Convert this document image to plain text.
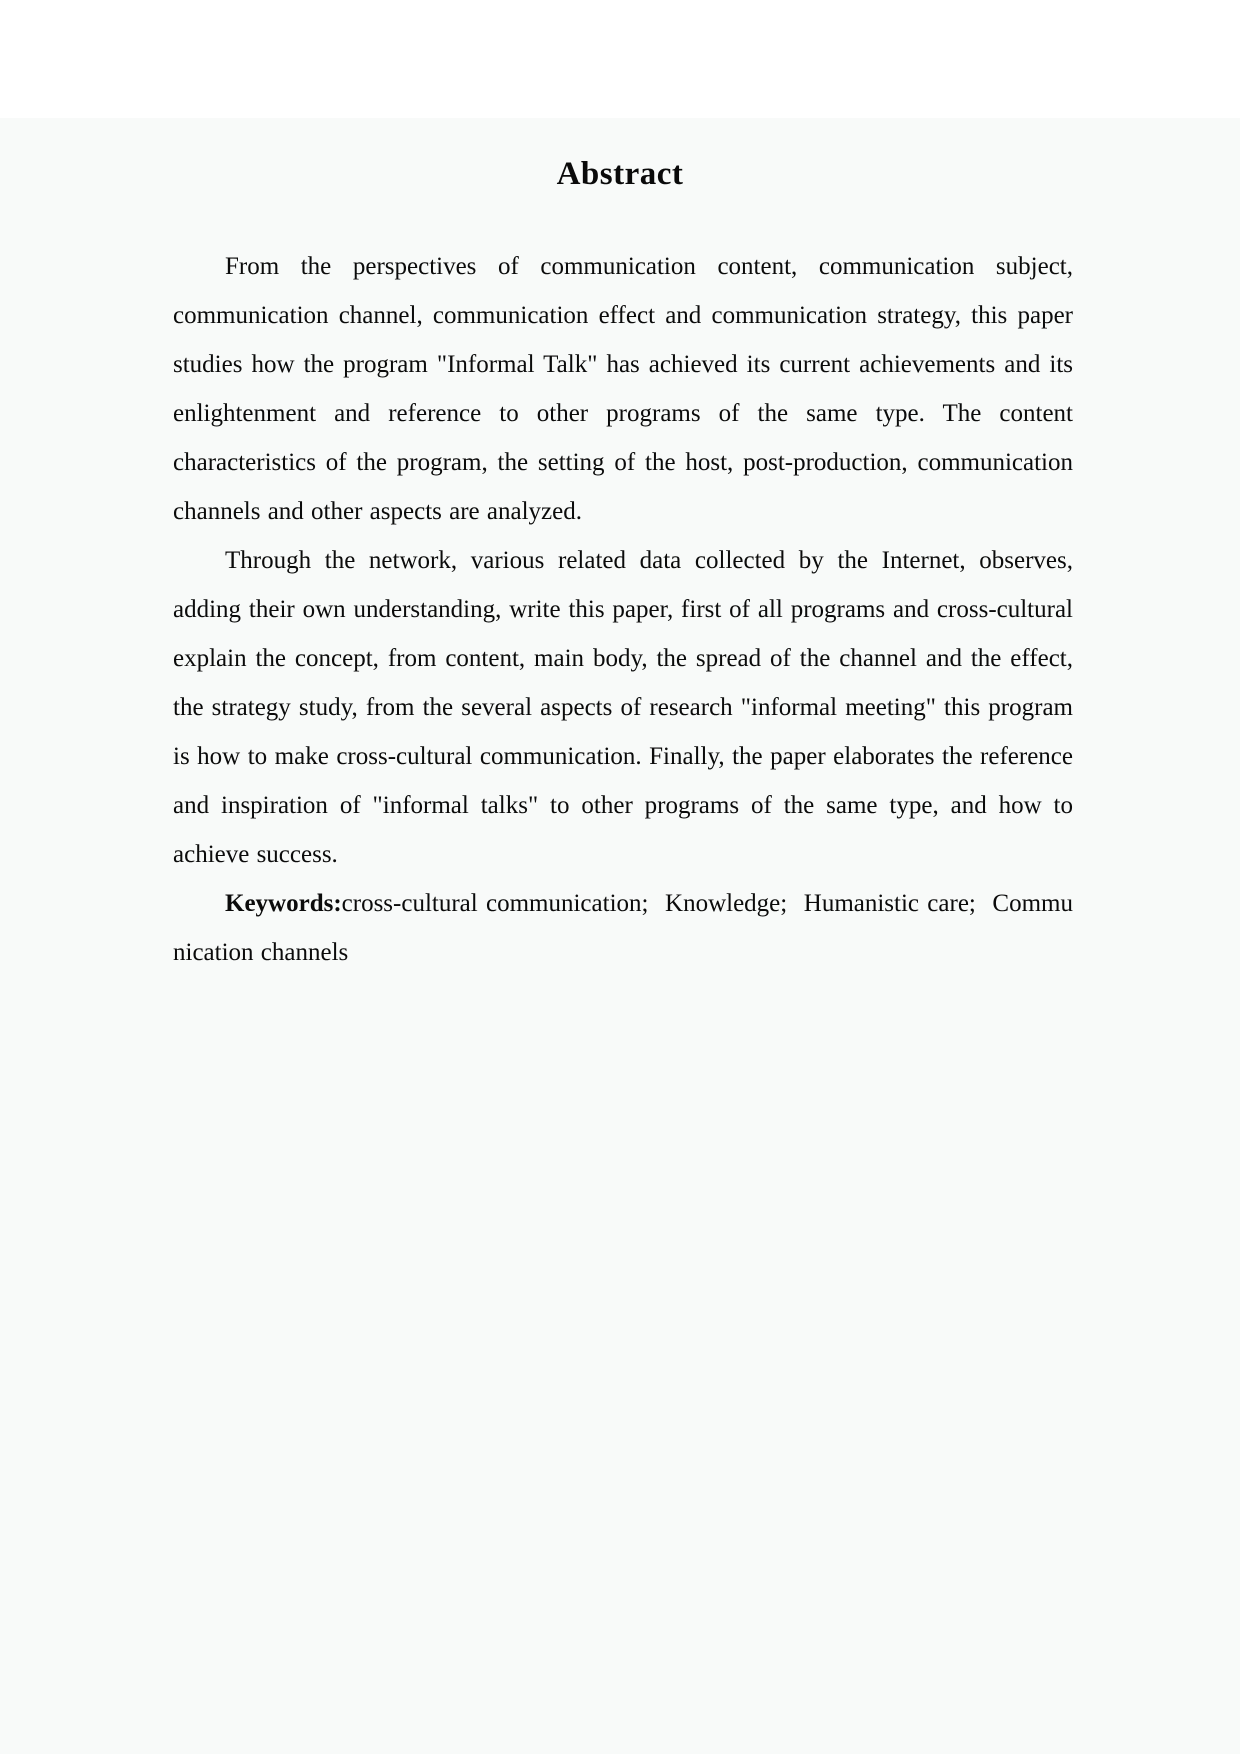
Abstract

From the perspectives of communication content, communication subject, communication channel, communication effect and communication strategy, this paper studies how the program "Informal Talk" has achieved its current achievements and its enlightenment and reference to other programs of the same type. The content characteristics of the program, the setting of the host, post-production, communication channels and other aspects are analyzed.

Through the network, various related data collected by the Internet, observes, adding their own understanding, write this paper, first of all programs and cross-cultural explain the concept, from content, main body, the spread of the channel and the effect, the strategy study, from the several aspects of research "informal meeting" this program is how to make cross-cultural communication. Finally, the paper elaborates the reference and inspiration of "informal talks" to other programs of the same type, and how to achieve success.

Keywords:cross-cultural communication;  Knowledge;  Humanistic care;  Communication channels
